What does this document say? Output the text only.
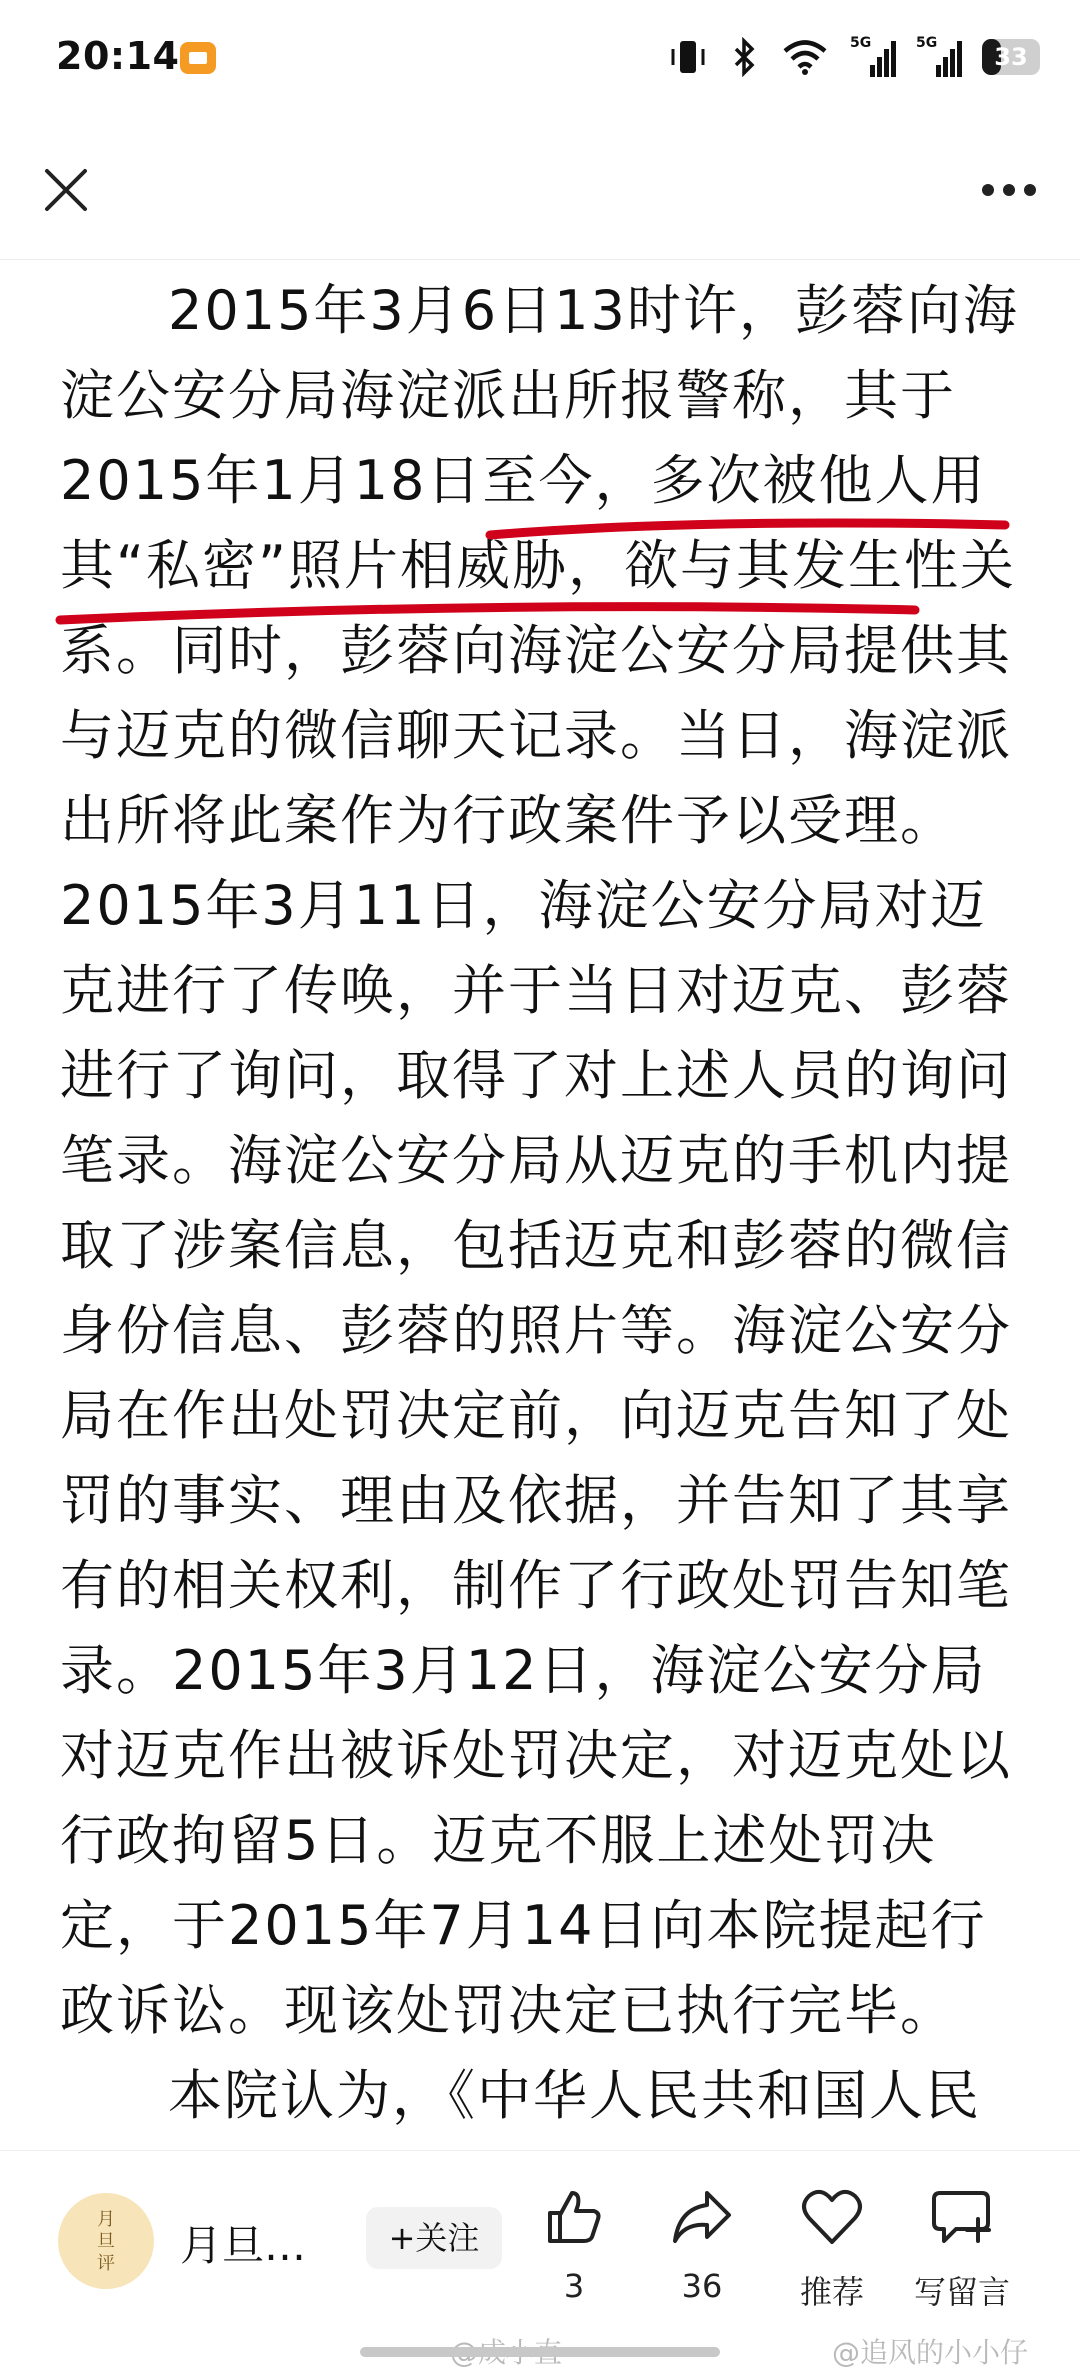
20:14	5G	5G	33

2015年3月6日13时许，彭蓉向海淀公安分局海淀派出所报警称，其于2015年1月18日至今，多次被他人用其“私密”照片相威胁，欲与其发生性关系。同时，彭蓉向海淀公安分局提供其与迈克的微信聊天记录。当日，海淀派出所将此案作为行政案件予以受理。2015年3月11日，海淀公安分局对迈克进行了传唤，并于当日对迈克、彭蓉进行了询问，取得了对上述人员的询问笔录。海淀公安分局从迈克的手机内提取了涉案信息，包括迈克和彭蓉的微信身份信息、彭蓉的照片等。海淀公安分局在作出处罚决定前，向迈克告知了处罚的事实、理由及依据，并告知了其享有的相关权利，制作了行政处罚告知笔录。2015年3月12日，海淀公安分局对迈克作出被诉处罚决定，对迈克处以行政拘留5日。迈克不服上述处罚决定，于2015年7月14日向本院提起行政诉讼。现该处罚决定已执行完毕。

本院认为，《中华人民共和国人民

月旦评 月旦…	+关注
3	36	推荐	写留言
@追风的小小仔
